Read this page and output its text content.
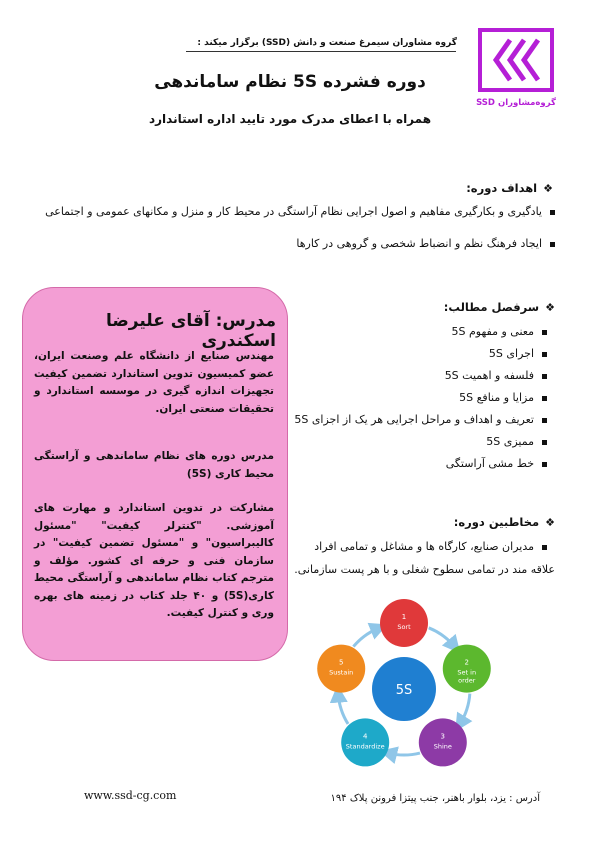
گروه مشاوران سیمرغ صنعت و دانش (SSD) برگزار میکند :
گروه‌مشاوران SSD
دوره فشرده 5S نظام ساماندهی
همراه با اعطای مدرک مورد تایید اداره استاندارد
❖اهداف دوره:
یادگیری و بکارگیری مفاهیم و اصول اجرایی نظام آراستگی در محیط کار و منزل و مکانهای عمومی و اجتماعی
ایجاد فرهنگ نظم و انضباط شخصی و گروهی در کارها
❖سرفصل مطالب:
معنی و مفهوم 5S
اجرای 5S
فلسفه و اهمیت 5S
مزایا و منافع 5S
تعریف و اهداف و مراحل اجرایی هر یک از اجزای 5S
ممیزی 5S
خط مشی آراستگی
❖مخاطبین دوره:
مدیران صنایع، کارگاه ها و مشاغل و تمامی افراد
علاقه مند در تمامی سطوح شغلی و با هر پست سازمانی.
مدرس: آقای علیرضا اسکندری
مهندس صنایع از دانشگاه علم وصنعت ایران، عضو کمیسیون تدوین استاندارد تضمین کیفیت تجهیزات اندازه گیری در موسسه استاندارد و تحقیقات صنعتی ایران.
مدرس دوره های نظام ساماندهی و آراستگی محیط کاری (5S)
مشارکت در تدوین استاندارد و مهارت های آموزشی. "کنترلر کیفیت" "مسئول کالیبراسیون" و "مسئول تضمین کیفیت" در سازمان فنی و حرفه ای کشور. مؤلف و مترجم کتاب نظام ساماندهی و آراستگی محیط کاری(5S) و ۴۰ جلد کتاب در زمینه های بهره وری و کنترل کیفیت.
5S
1
Sort
2
Set in
order
3
Shine
4
Standardize
5
Sustain
www.ssd-cg.com	آدرس : یزد، بلوار باهنر، جنب پیتزا فرونن پلاک ۱۹۴
